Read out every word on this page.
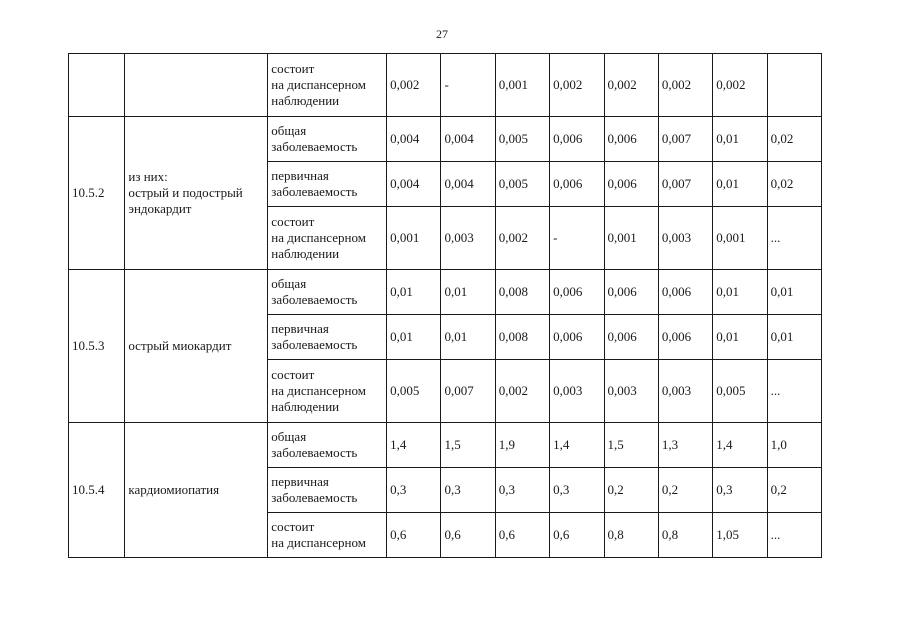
27
		состоит
на диспансерном
наблюдении	0,002	-	0,001	0,002	0,002	0,002	0,002	
10.5.2	из них:
острый и подострый
эндокардит	общая
заболеваемость	0,004	0,004	0,005	0,006	0,006	0,007	0,01	0,02
		первичная
заболеваемость	0,004	0,004	0,005	0,006	0,006	0,007	0,01	0,02
		состоит
на диспансерном
наблюдении	0,001	0,003	0,002	-	0,001	0,003	0,001	...
10.5.3	острый миокардит	общая
заболеваемость	0,01	0,01	0,008	0,006	0,006	0,006	0,01	0,01
		первичная
заболеваемость	0,01	0,01	0,008	0,006	0,006	0,006	0,01	0,01
		состоит
на диспансерном
наблюдении	0,005	0,007	0,002	0,003	0,003	0,003	0,005	...
10.5.4	кардиомиопатия	общая
заболеваемость	1,4	1,5	1,9	1,4	1,5	1,3	1,4	1,0
		первичная
заболеваемость	0,3	0,3	0,3	0,3	0,2	0,2	0,3	0,2
		состоит
на диспансерном	0,6	0,6	0,6	0,6	0,8	0,8	1,05	...
